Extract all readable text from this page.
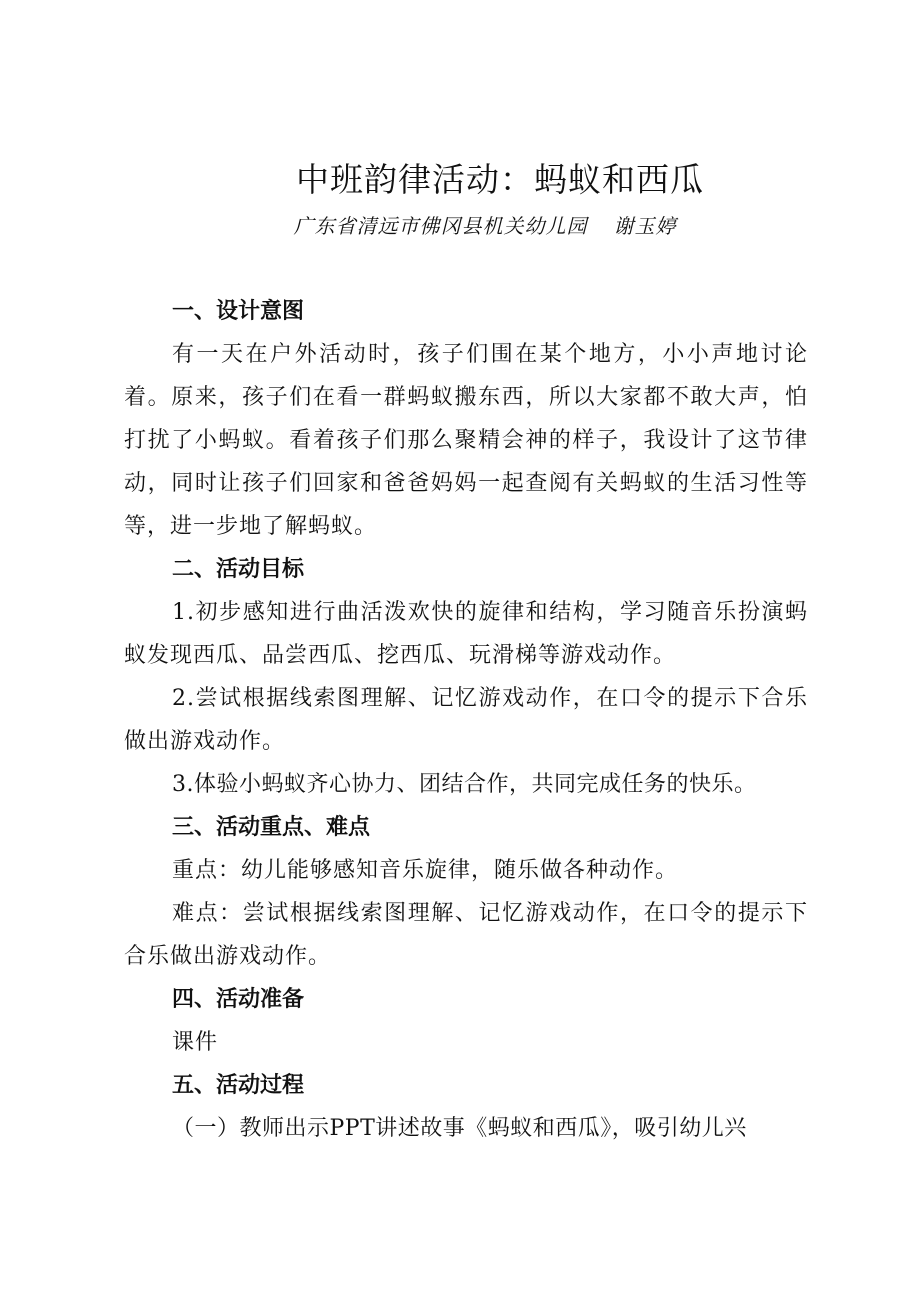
中班韵律活动：蚂蚁和西瓜
广东省清远市佛冈县机关幼儿园 谢玉婷

一、设计意图

有一天在户外活动时，孩子们围在某个地方，小小声地讨论着。原来，孩子们在看一群蚂蚁搬东西，所以大家都不敢大声，怕打扰了小蚂蚁。看着孩子们那么聚精会神的样子，我设计了这节律动，同时让孩子们回家和爸爸妈妈一起查阅有关蚂蚁的生活习性等等，进一步地了解蚂蚁。

二、活动目标

1.初步感知进行曲活泼欢快的旋律和结构，学习随音乐扮演蚂蚁发现西瓜、品尝西瓜、挖西瓜、玩滑梯等游戏动作。

2.尝试根据线索图理解、记忆游戏动作，在口令的提示下合乐做出游戏动作。

3.体验小蚂蚁齐心协力、团结合作，共同完成任务的快乐。

三、活动重点、难点

重点：幼儿能够感知音乐旋律，随乐做各种动作。

难点：尝试根据线索图理解、记忆游戏动作，在口令的提示下合乐做出游戏动作。

四、活动准备

课件

五、活动过程

（一）教师出示PPT讲述故事《蚂蚁和西瓜》，吸引幼儿兴
